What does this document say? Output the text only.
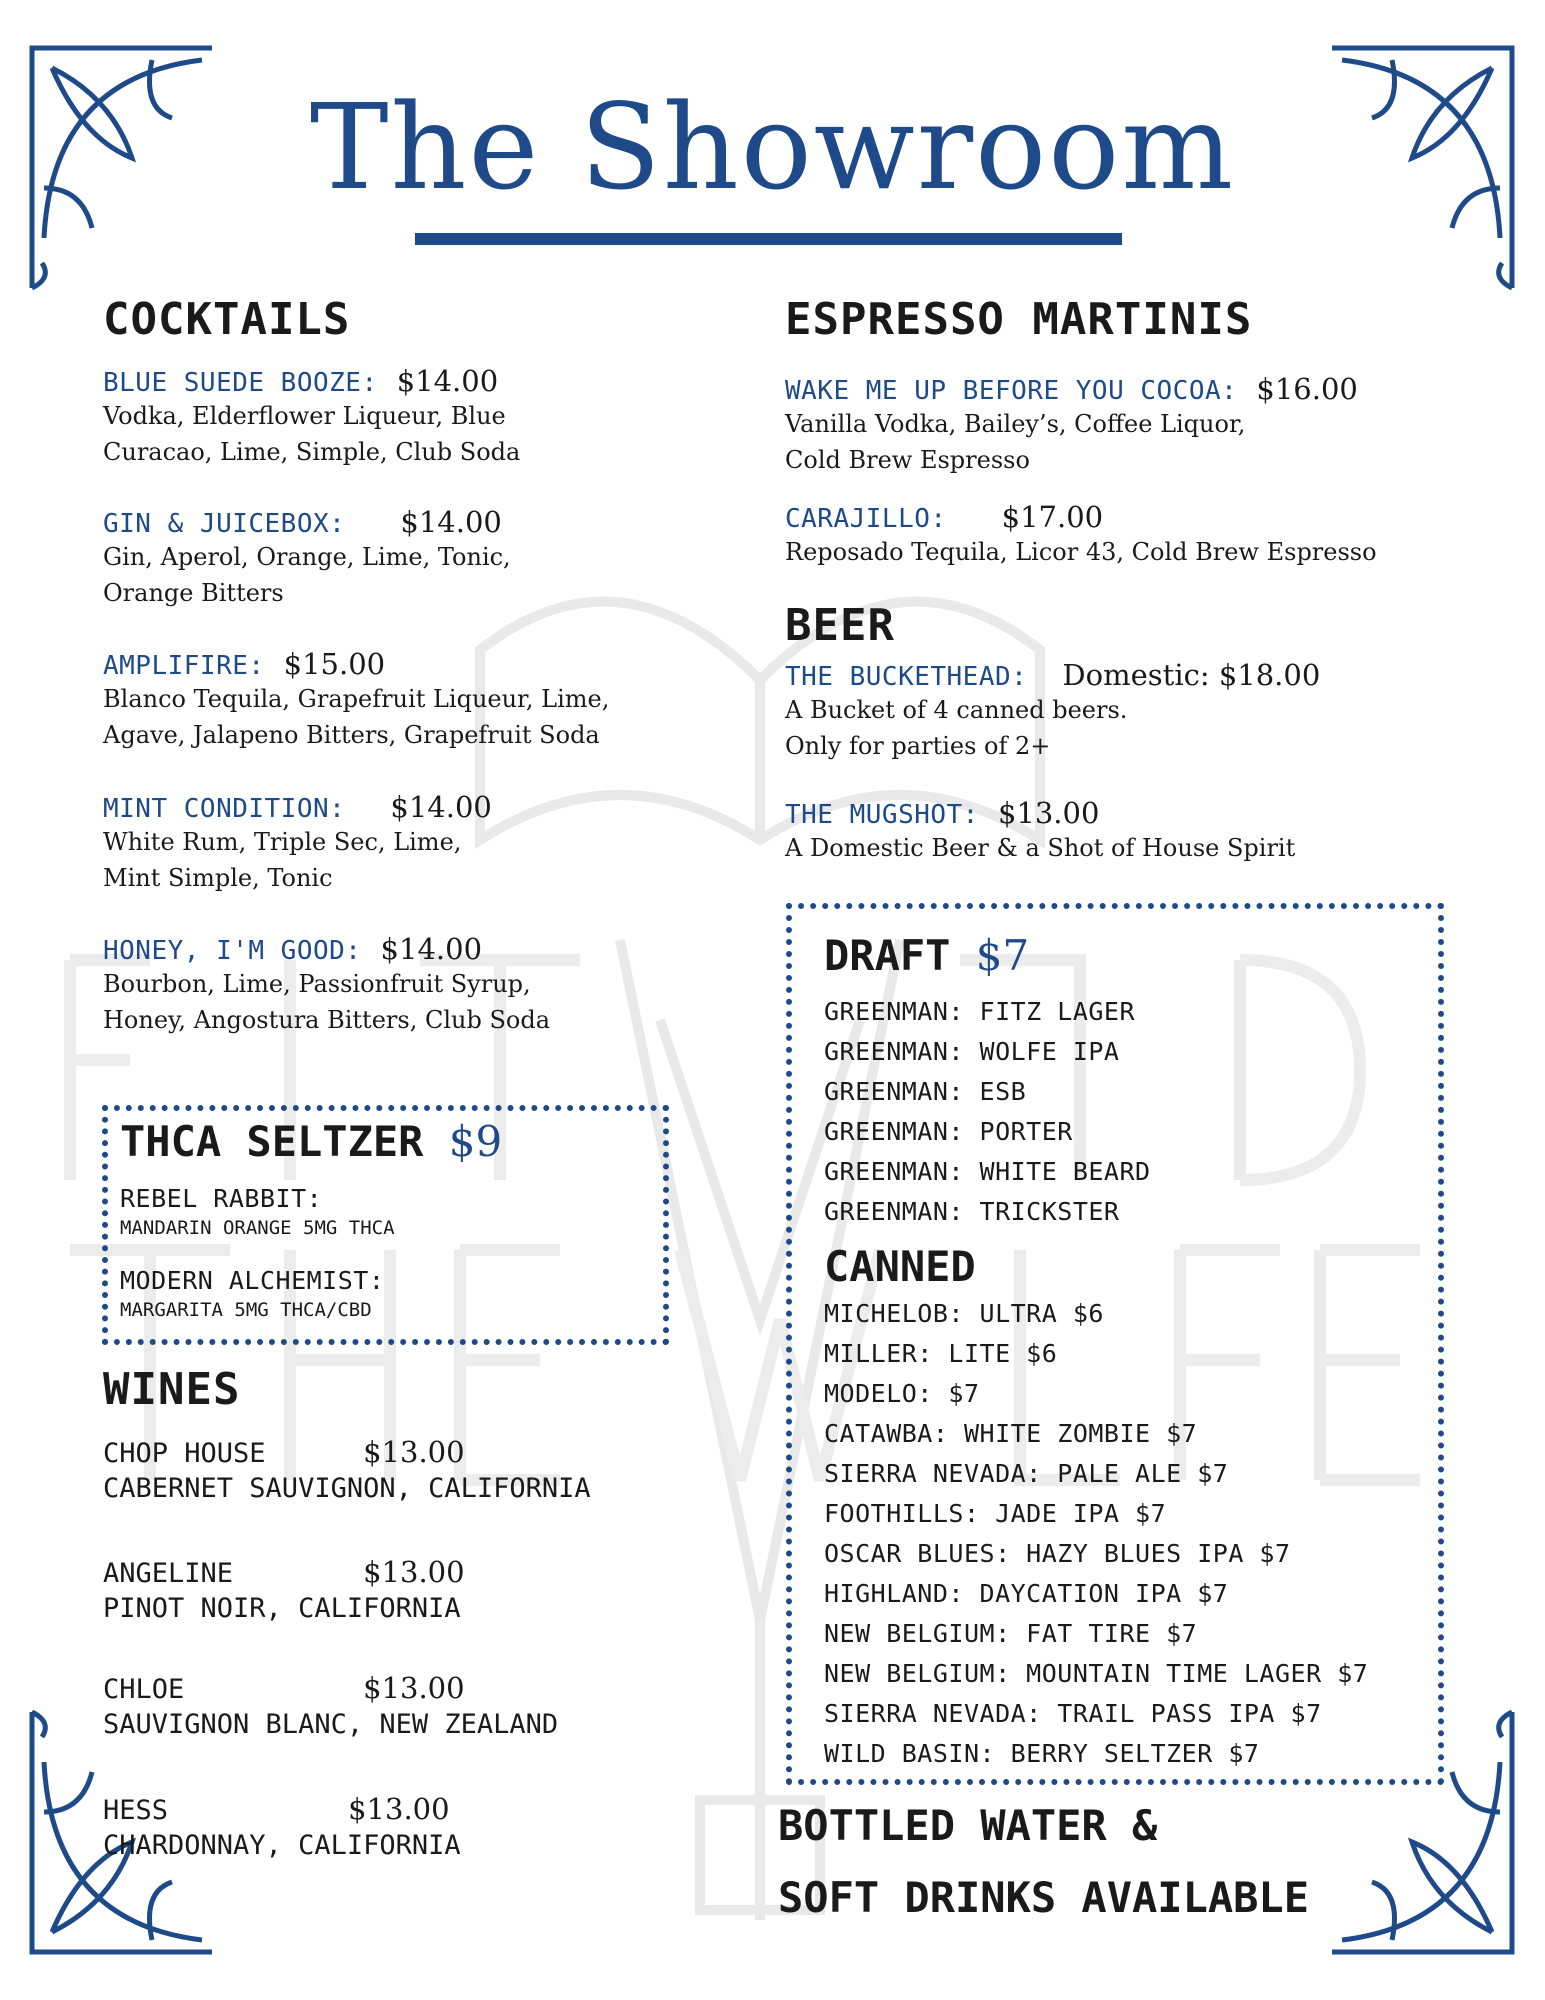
The Showroom
COCKTAILS
BLUE SUEDE BOOZE: $14.00
Vodka, Elderflower Liqueur, Blue
Curacao, Lime, Simple, Club Soda
GIN & JUICEBOX: $14.00
Gin, Aperol, Orange, Lime, Tonic,
Orange Bitters
AMPLIFIRE: $15.00
Blanco Tequila, Grapefruit Liqueur, Lime,
Agave, Jalapeno Bitters, Grapefruit Soda
MINT CONDITION: $14.00
White Rum, Triple Sec, Lime,
Mint Simple, Tonic
HONEY, I'M GOOD: $14.00
Bourbon, Lime, Passionfruit Syrup,
Honey, Angostura Bitters, Club Soda
THCA SELTZER $9
REBEL RABBIT:
MANDARIN ORANGE 5MG THCA
MODERN ALCHEMIST:
MARGARITA 5MG THCA/CBD
WINES
CHOP HOUSE	$13.00
CABERNET SAUVIGNON, CALIFORNIA
ANGELINE	$13.00
PINOT NOIR, CALIFORNIA
CHLOE	$13.00
SAUVIGNON BLANC, NEW ZEALAND
HESS	$13.00
CHARDONNAY, CALIFORNIA
ESPRESSO MARTINIS
WAKE ME UP BEFORE YOU COCOA: $16.00
Vanilla Vodka, Bailey’s, Coffee Liquor,
Cold Brew Espresso
CARAJILLO: $17.00
Reposado Tequila, Licor 43, Cold Brew Espresso
BEER
THE BUCKETHEAD: Domestic: $18.00
A Bucket of 4 canned beers.
Only for parties of 2+
THE MUGSHOT: $13.00
A Domestic Beer & a Shot of House Spirit
DRAFT $7
GREENMAN: FITZ LAGER
GREENMAN: WOLFE IPA
GREENMAN: ESB
GREENMAN: PORTER
GREENMAN: WHITE BEARD
GREENMAN: TRICKSTER
CANNED
MICHELOB: ULTRA $6
MILLER: LITE $6
MODELO: $7
CATAWBA: WHITE ZOMBIE $7
SIERRA NEVADA: PALE ALE $7
FOOTHILLS: JADE IPA $7
OSCAR BLUES: HAZY BLUES IPA $7
HIGHLAND: DAYCATION IPA $7
NEW BELGIUM: FAT TIRE $7
NEW BELGIUM: MOUNTAIN TIME LAGER $7
SIERRA NEVADA: TRAIL PASS IPA $7
WILD BASIN: BERRY SELTZER $7
BOTTLED WATER &
SOFT DRINKS AVAILABLE
